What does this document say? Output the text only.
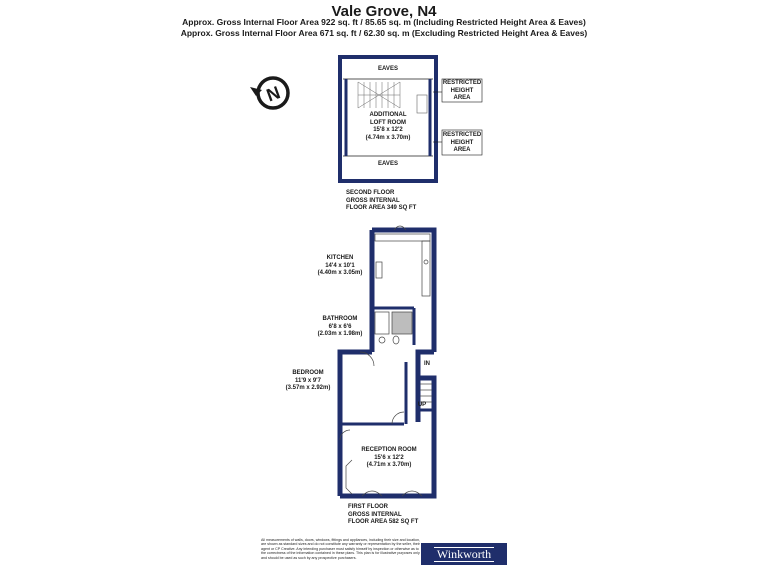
Vale Grove, N4
Approx. Gross Internal Floor Area 922 sq. ft / 85.65 sq. m (Including Restricted Height Area & Eaves)
Approx. Gross Internal Floor Area 671 sq. ft / 62.30 sq. m (Excluding Restricted Height Area & Eaves)
N
EAVES
ADDITIONAL
LOFT ROOM
15'8 x 12'2
(4.74m x 3.70m)
EAVES
RESTRICTED
HEIGHT
AREA
RESTRICTED
HEIGHT
AREA
SECOND FLOOR
GROSS INTERNAL
FLOOR AREA 349 SQ FT
KITCHEN
14'4 x 10'1
(4.40m x 3.05m)
BATHROOM
6'8 x 6'6
(2.03m x 1.98m)
BEDROOM
11'9 x 9'7
(3.57m x 2.92m)
RECEPTION ROOM
15'6 x 12'2
(4.71m x 3.70m)
IN
UP
FIRST FLOOR
GROSS INTERNAL
FLOOR AREA 582 SQ FT
All measurements of walls, doors, windows, fittings and appliances, including their size and location, are shown as standard sizes and do not constitute any warranty or representation by the seller, their agent or CP Creative. Any intending purchaser must satisfy himself by inspection or otherwise as to the correctness of the information contained in these plans. This plan is for illustrative purposes only and should be used as such by any prospective purchasers.	Winkworth
